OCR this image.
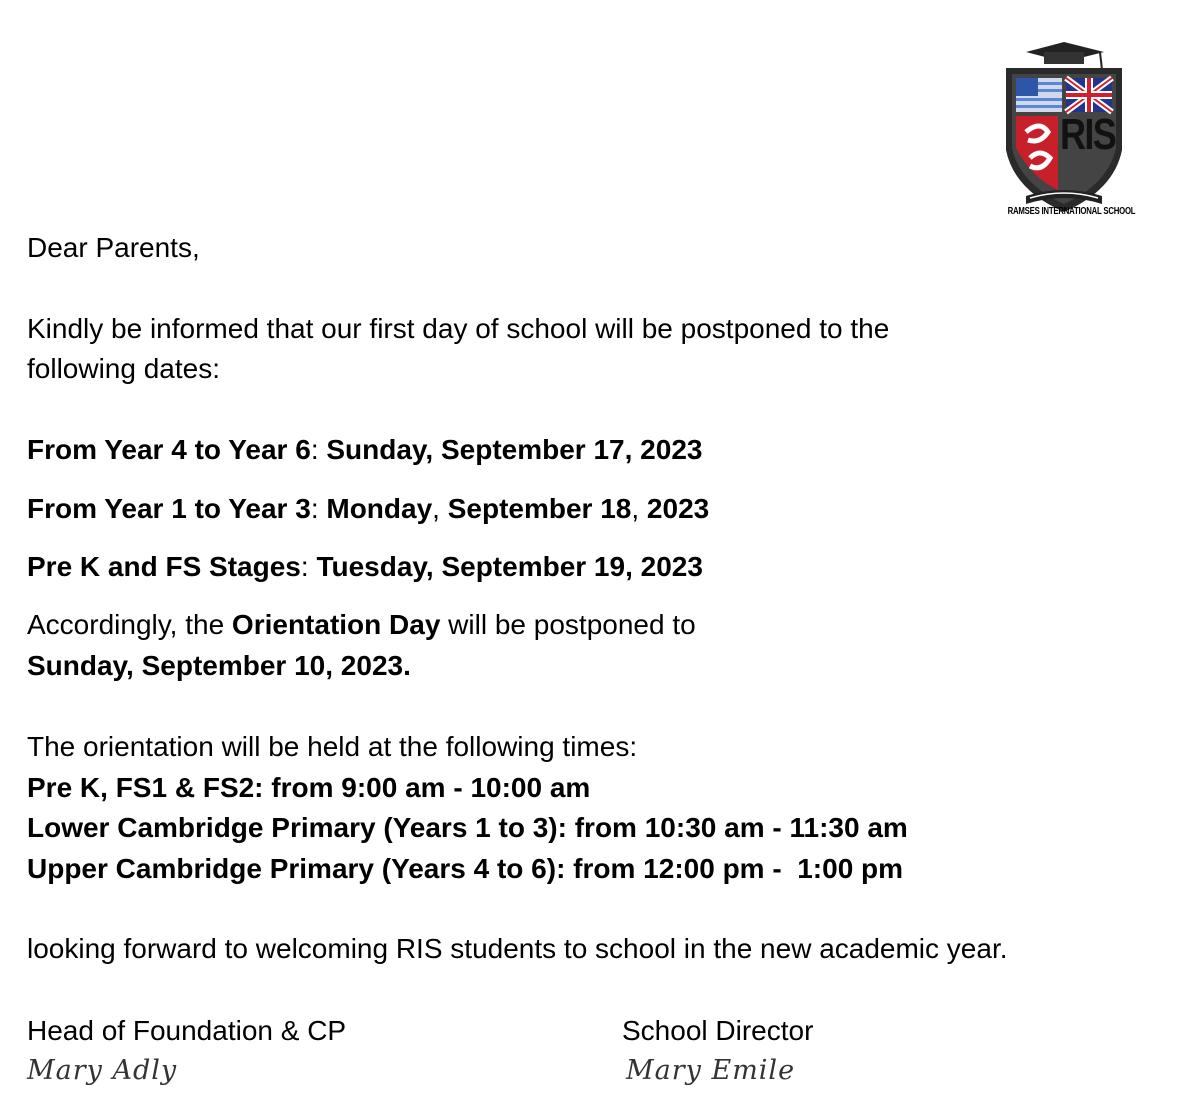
RIS
RAMSES INTERNATIONAL SCHOOL
Dear Parents,
Kindly be informed that our first day of school will be postponed to the
following dates:
From Year 4 to Year 6: Sunday, September 17, 2023
From Year 1 to Year 3: Monday, September 18, 2023
Pre K and FS Stages: Tuesday, September 19, 2023
Accordingly, the Orientation Day will be postponed to
Sunday, September 10, 2023.
The orientation will be held at the following times:
Pre K, FS1 & FS2: from 9:00 am - 10:00 am
Lower Cambridge Primary (Years 1 to 3): from 10:30 am - 11:30 am
Upper Cambridge Primary (Years 4 to 6): from 12:00 pm -  1:00 pm
looking forward to welcoming RIS students to school in the new academic year.
Head of Foundation & CP
Mary Adly
School Director
Mary Emile
